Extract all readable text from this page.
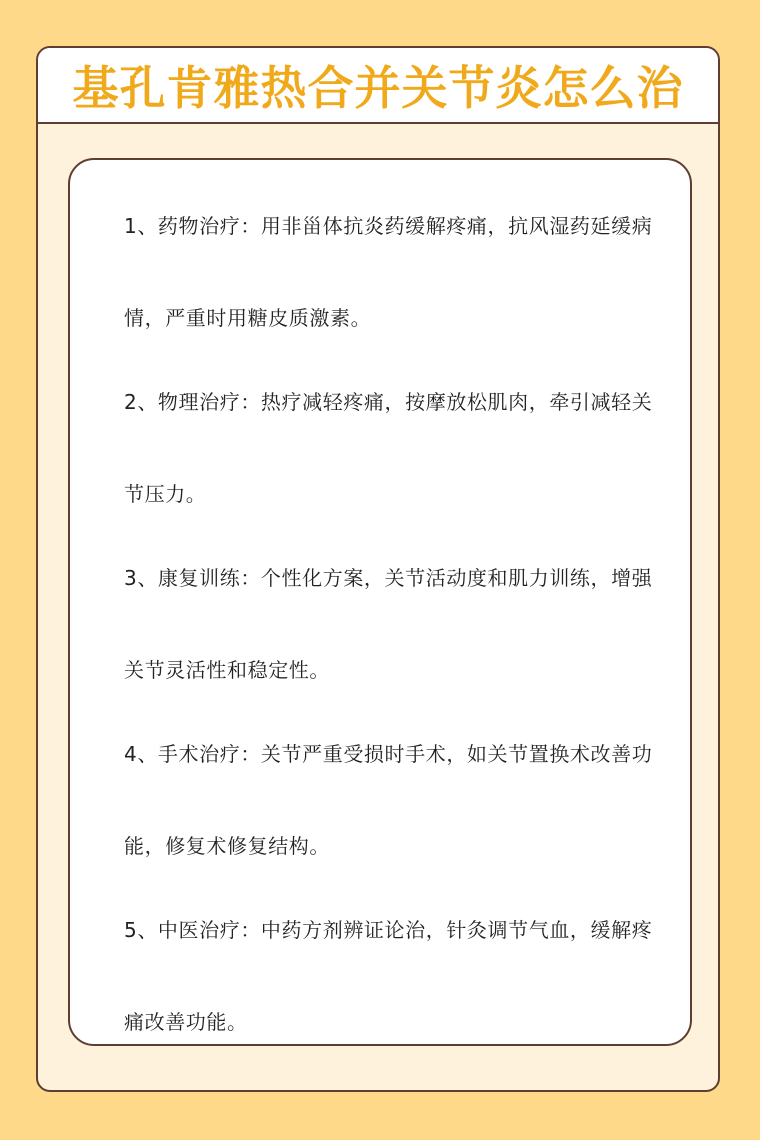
基孔肯雅热合并关节炎怎么治

1、药物治疗：用非甾体抗炎药缓解疼痛，抗风湿药延缓病情，严重时用糖皮质激素。

2、物理治疗：热疗减轻疼痛，按摩放松肌肉，牵引减轻关节压力。

3、康复训练：个性化方案，关节活动度和肌力训练，增强关节灵活性和稳定性。

4、手术治疗：关节严重受损时手术，如关节置换术改善功能，修复术修复结构。

5、中医治疗：中药方剂辨证论治，针灸调节气血，缓解疼痛改善功能。
